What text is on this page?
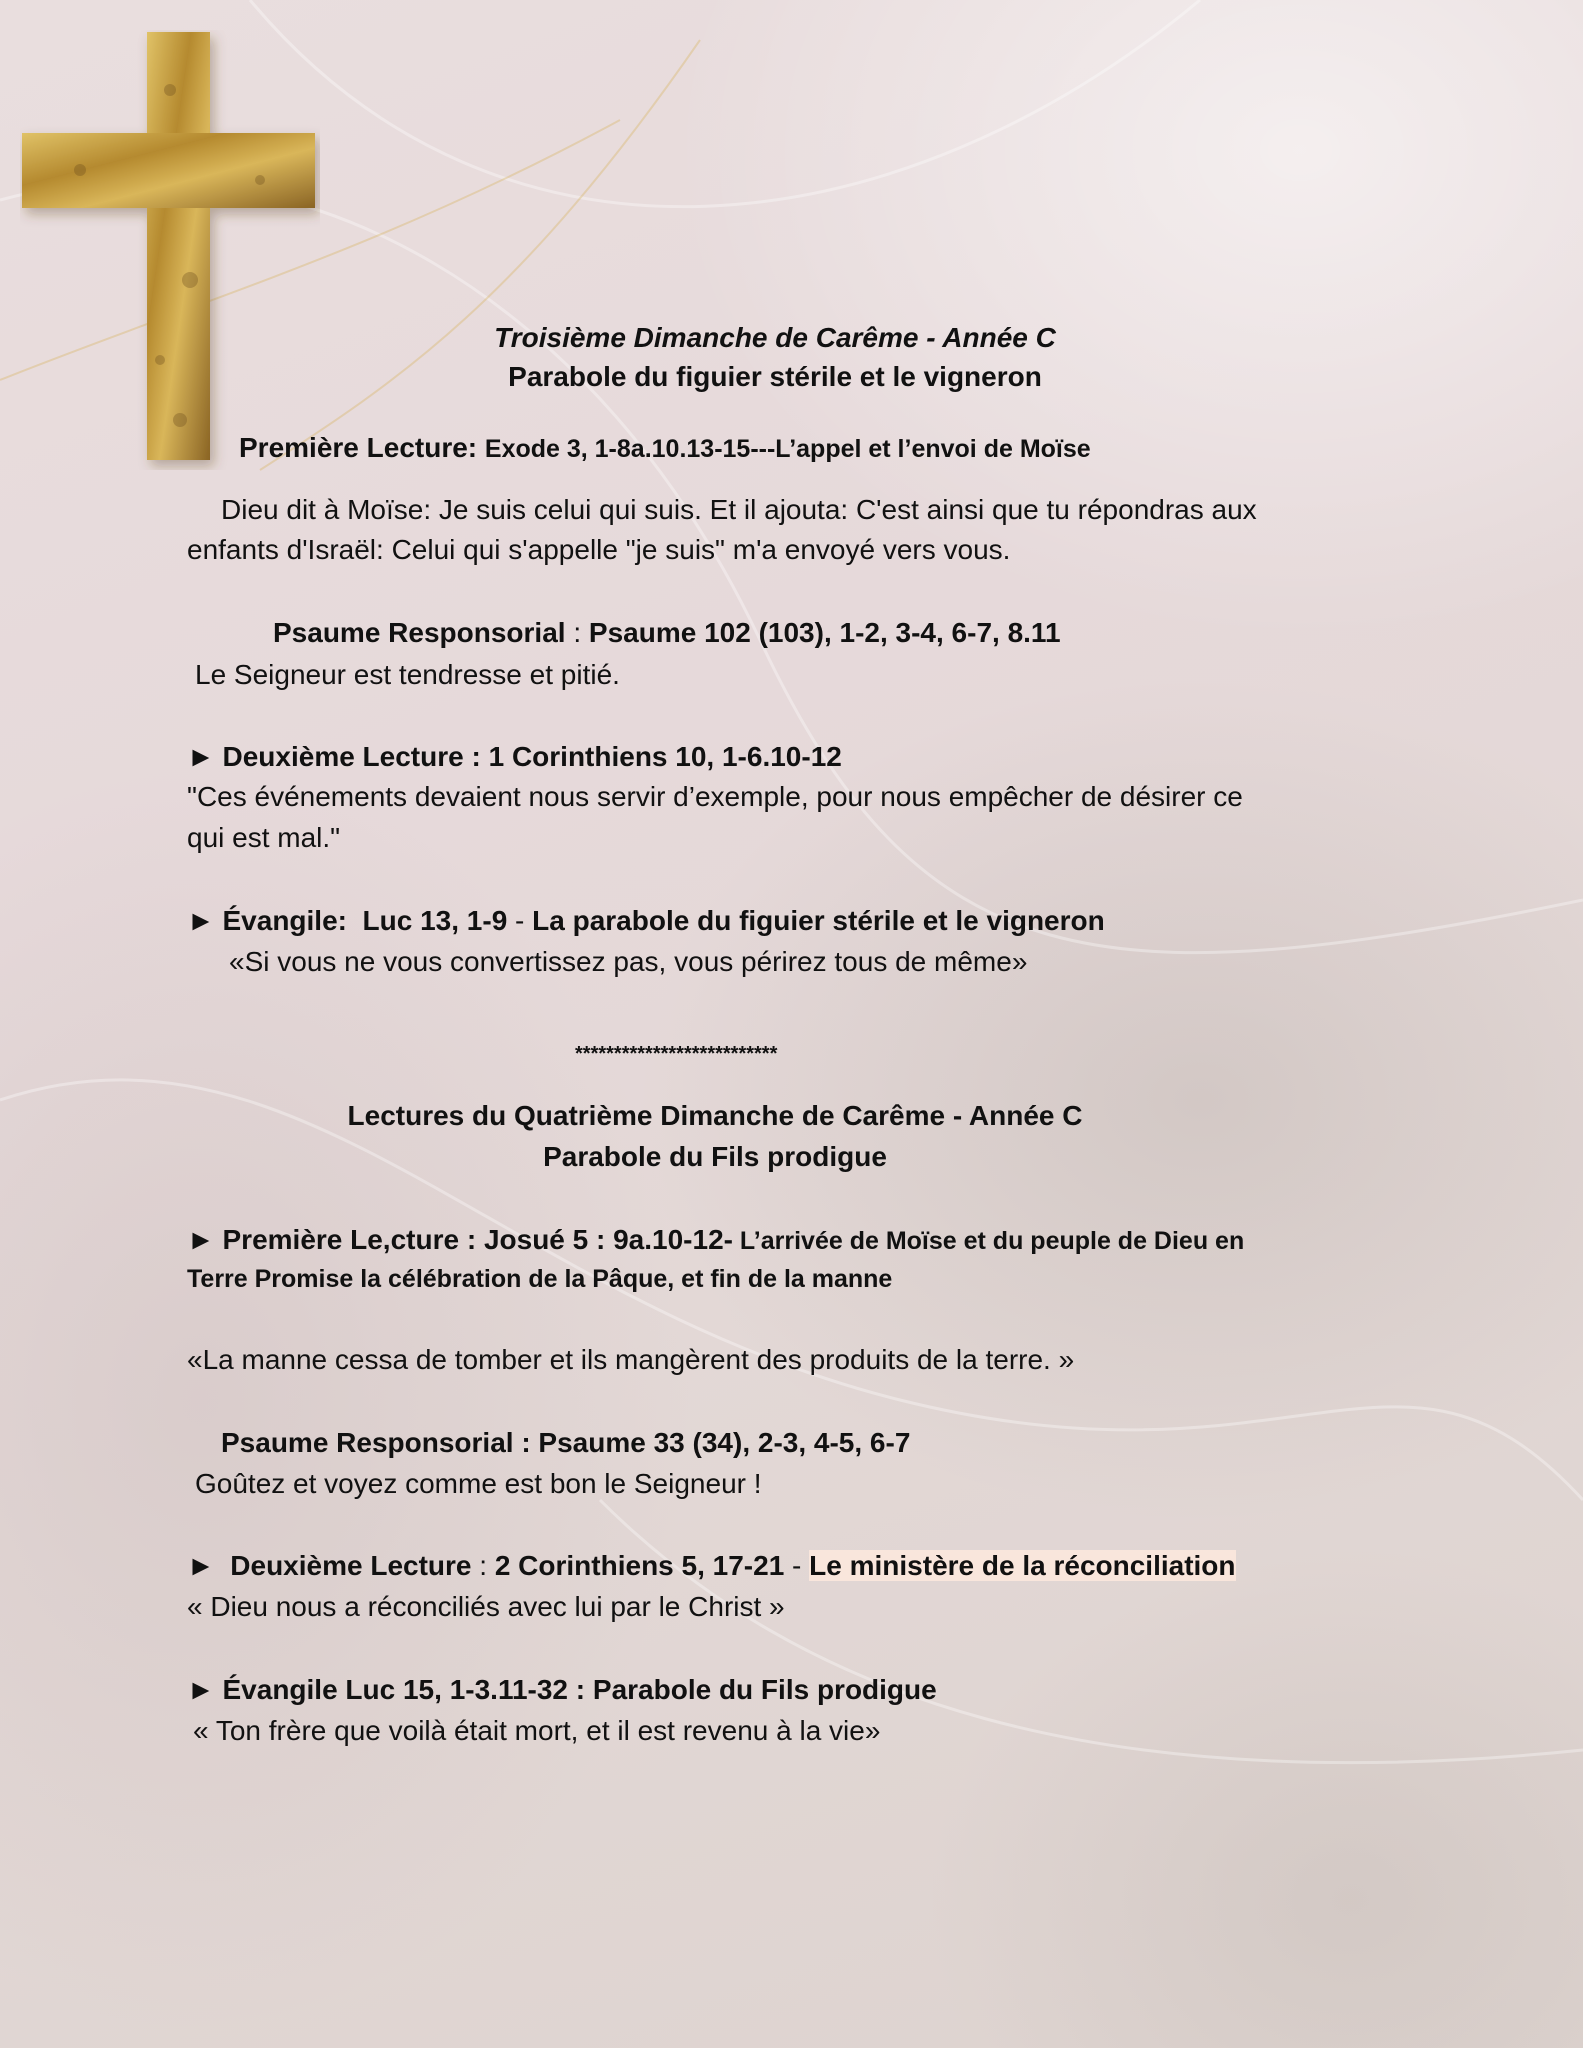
Troisième Dimanche de Carême - Année C
Parabole du figuier stérile et le vigneron
Première Lecture: Exode 3, 1-8a.10.13-15---L’appel et l’envoi de Moïse
Dieu dit à Moïse: Je suis celui qui suis. Et il ajouta: C'est ainsi que tu répondras aux
enfants d'Israël: Celui qui s'appelle "je suis" m'a envoyé vers vous.
Psaume Responsorial : Psaume 102 (103), 1-2, 3-4, 6-7, 8.11
Le Seigneur est tendresse et pitié.
► Deuxième Lecture : 1 Corinthiens 10, 1-6.10-12
"Ces événements devaient nous servir d’exemple, pour nous empêcher de désirer ce
qui est mal."
► Évangile:  Luc 13, 1-9 - La parabole du figuier stérile et le vigneron
«Si vous ne vous convertissez pas, vous périrez tous de même»
**************************
Lectures du Quatrième Dimanche de Carême - Année C
Parabole du Fils prodigue
► Première Le,cture : Josué 5 : 9a.10-12- L’arrivée de Moïse et du peuple de Dieu en
Terre Promise la célébration de la Pâque, et fin de la manne
«La manne cessa de tomber et ils mangèrent des produits de la terre. »
Psaume Responsorial : Psaume 33 (34), 2-3, 4-5, 6-7
Goûtez et voyez comme est bon le Seigneur !
►  Deuxième Lecture : 2 Corinthiens 5, 17-21 - Le ministère de la réconciliation
« Dieu nous a réconciliés avec lui par le Christ »
► Évangile Luc 15, 1-3.11-32 : Parabole du Fils prodigue
« Ton frère que voilà était mort, et il est revenu à la vie»
